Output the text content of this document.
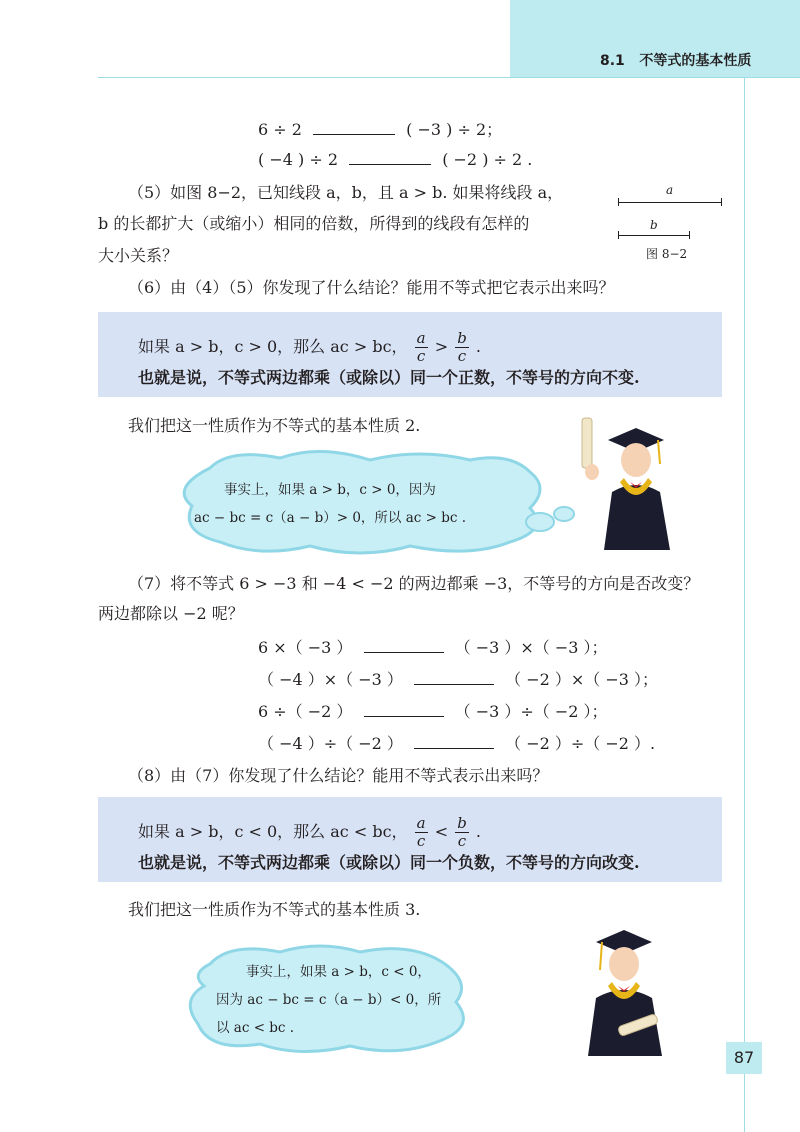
8.1   不等式的基本性质
6 ÷ 2	( −3 ) ÷ 2；
( −4 ) ÷ 2	( −2 ) ÷ 2 .
（5）如图 8−2，已知线段 a，b，且 a > b. 如果将线段 a，
b 的长都扩大（或缩小）相同的倍数，所得到的线段有怎样的
大小关系？
a
b
图 8−2
（6）由（4）（5）你发现了什么结论？能用不等式把它表示出来吗？
如果 a > b，c > 0，那么 ac > bc， $\frac{a}{c} > \frac{b}{c}$ .
也就是说，不等式两边都乘（或除以）同一个正数，不等号的方向不变.
我们把这一性质作为不等式的基本性质 2.
事实上，如果 a > b，c > 0，因为
ac − bc = c（a − b）> 0，所以 ac > bc .
（7）将不等式 6 > −3 和 −4 < −2 的两边都乘 −3，不等号的方向是否改变？
两边都除以 −2 呢？
6 ×（ −3 ）	（ −3 ）×（ −3 ）；
（ −4 ）×（ −3 ）	（ −2 ）×（ −3 ）；
6 ÷（ −2 ）	（ −3 ）÷（ −2 ）；
（ −4 ）÷（ −2 ）	（ −2 ）÷（ −2 ）.
（8）由（7）你发现了什么结论？能用不等式表示出来吗？
如果 a > b，c < 0，那么 ac < bc， $\frac{a}{c} < \frac{b}{c}$ .
也就是说，不等式两边都乘（或除以）同一个负数，不等号的方向改变.
我们把这一性质作为不等式的基本性质 3.
事实上，如果 a > b，c < 0，
因为 ac − bc = c（a − b）< 0，所
以 ac < bc .
87
